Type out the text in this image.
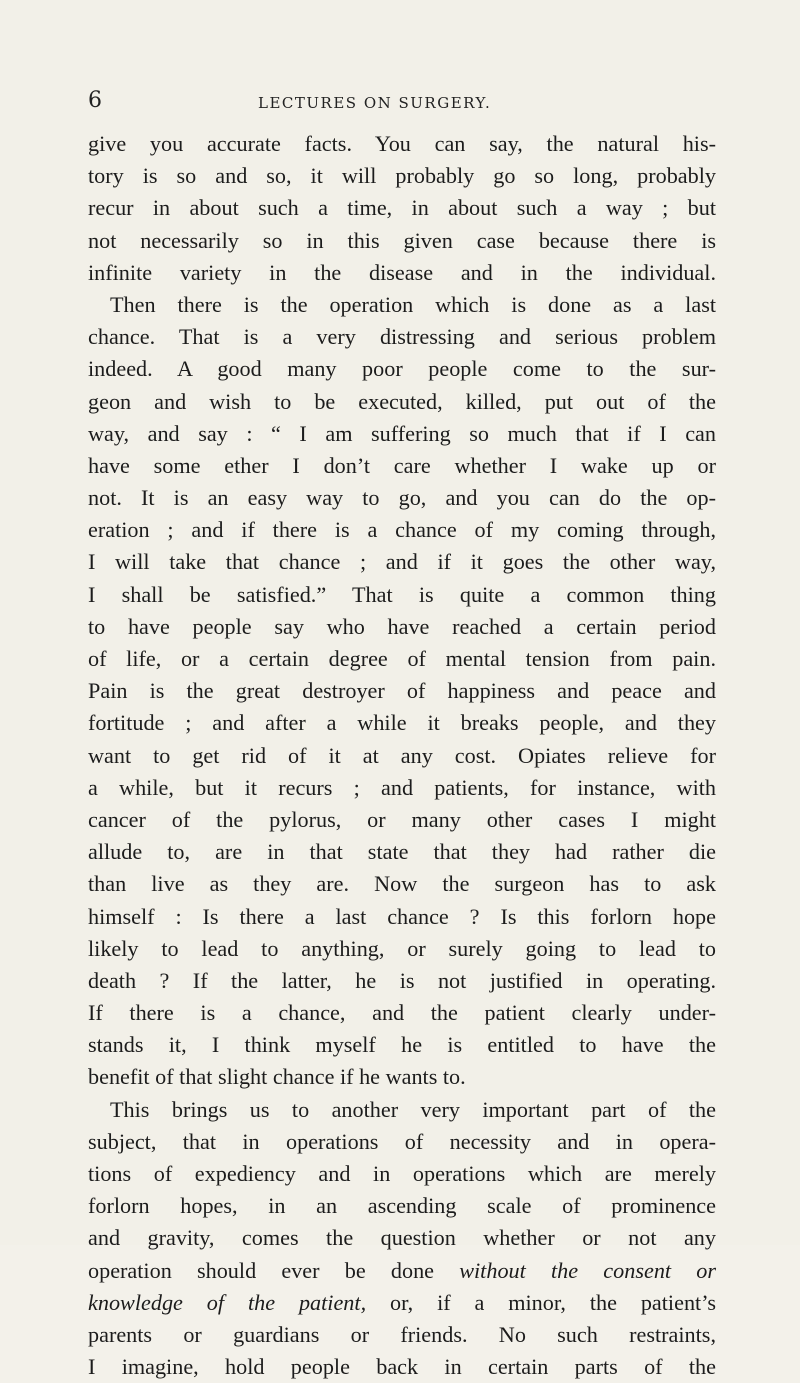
6	LECTURES ON SURGERY.
give you accurate facts. You can say, the natural his-
tory is so and so, it will probably go so long, probably
recur in about such a time, in about such a way ; but
not necessarily so in this given case because there is
infinite variety in the disease and in the individual.
Then there is the operation which is done as a last
chance. That is a very distressing and serious problem
indeed. A good many poor people come to the sur-
geon and wish to be executed, killed, put out of the
way, and say : “ I am suffering so much that if I can
have some ether I don’t care whether I wake up or
not. It is an easy way to go, and you can do the op-
eration ; and if there is a chance of my coming through,
I will take that chance ; and if it goes the other way,
I shall be satisfied.” That is quite a common thing
to have people say who have reached a certain period
of life, or a certain degree of mental tension from pain.
Pain is the great destroyer of happiness and peace and
fortitude ; and after a while it breaks people, and they
want to get rid of it at any cost. Opiates relieve for
a while, but it recurs ; and patients, for instance, with
cancer of the pylorus, or many other cases I might
allude to, are in that state that they had rather die
than live as they are. Now the surgeon has to ask
himself : Is there a last chance ? Is this forlorn hope
likely to lead to anything, or surely going to lead to
death ? If the latter, he is not justified in operating.
If there is a chance, and the patient clearly under-
stands it, I think myself he is entitled to have the
benefit of that slight chance if he wants to.
This brings us to another very important part of the
subject, that in operations of necessity and in opera-
tions of expediency and in operations which are merely
forlorn hopes, in an ascending scale of prominence
and gravity, comes the question whether or not any
operation should ever be done without the consent or
knowledge of the patient, or, if a minor, the patient’s
parents or guardians or friends. No such restraints,
I imagine, hold people back in certain parts of the
